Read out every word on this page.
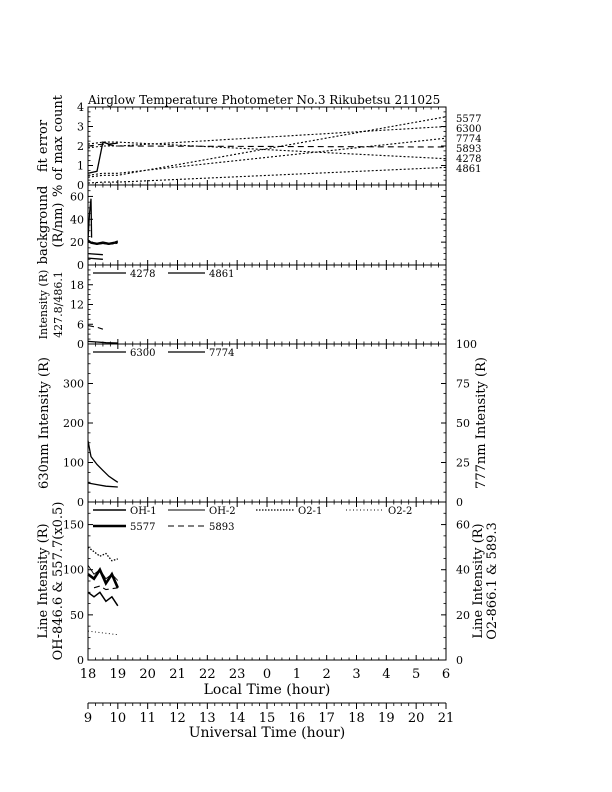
Airglow Temperature Photometer No.3 Rikubetsu 211025
0
1
2
3
4
fit error % of max count	5577
6300
7774
5893
4278
4861
0
20
40
60
background (R/nm)
0
6
12
18
Intensity (R) 427.8/486.1	4278	4861
0
100
200
300
0
25
50
75
100
630nm Intensity (R)	777nm Intensity (R)
6300	7774
0
50
100
150
0
20
40
60
Line Intensity (R) OH-846.6 & 557.7(x0.5)	Line Intensity (R) O2-866.1 & 589.3
OH-1	OH-2	O2-1	O2-2
5577	5893
18 19 20 21 22 23 0 1 2 3 4 5 6
9 10 11 12 13 14 15 16 17 18 19 20 21
Local Time (hour)
Universal Time (hour)
